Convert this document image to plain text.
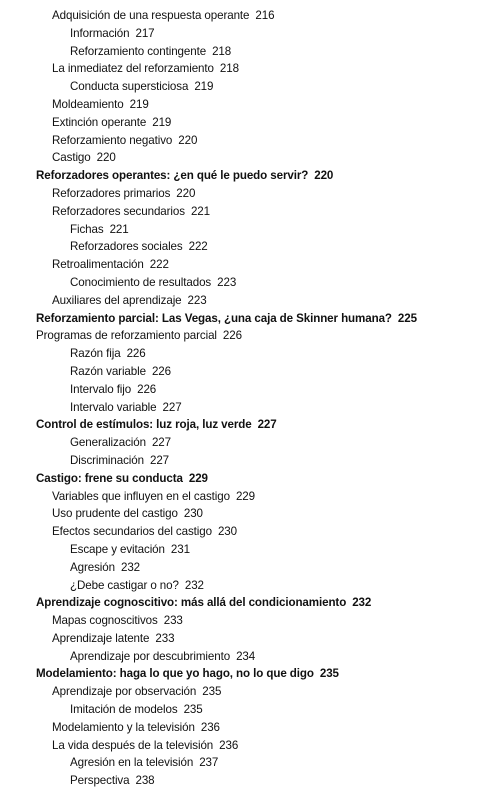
Adquisición de una respuesta operante 216
Información 217
Reforzamiento contingente 218
La inmediatez del reforzamiento 218
Conducta supersticiosa 219
Moldeamiento 219
Extinción operante 219
Reforzamiento negativo 220
Castigo 220
Reforzadores operantes: ¿en qué le puedo servir? 220
Reforzadores primarios 220
Reforzadores secundarios 221
Fichas 221
Reforzadores sociales 222
Retroalimentación 222
Conocimiento de resultados 223
Auxiliares del aprendizaje 223
Reforzamiento parcial: Las Vegas, ¿una caja de Skinner humana? 225
Programas de reforzamiento parcial 226
Razón fija 226
Razón variable 226
Intervalo fijo 226
Intervalo variable 227
Control de estímulos: luz roja, luz verde 227
Generalización 227
Discriminación 227
Castigo: frene su conducta 229
Variables que influyen en el castigo 229
Uso prudente del castigo 230
Efectos secundarios del castigo 230
Escape y evitación 231
Agresión 232
¿Debe castigar o no? 232
Aprendizaje cognoscitivo: más allá del condicionamiento 232
Mapas cognoscitivos 233
Aprendizaje latente 233
Aprendizaje por descubrimiento 234
Modelamiento: haga lo que yo hago, no lo que digo 235
Aprendizaje por observación 235
Imitación de modelos 235
Modelamiento y la televisión 236
La vida después de la televisión 236
Agresión en la televisión 237
Perspectiva 238
